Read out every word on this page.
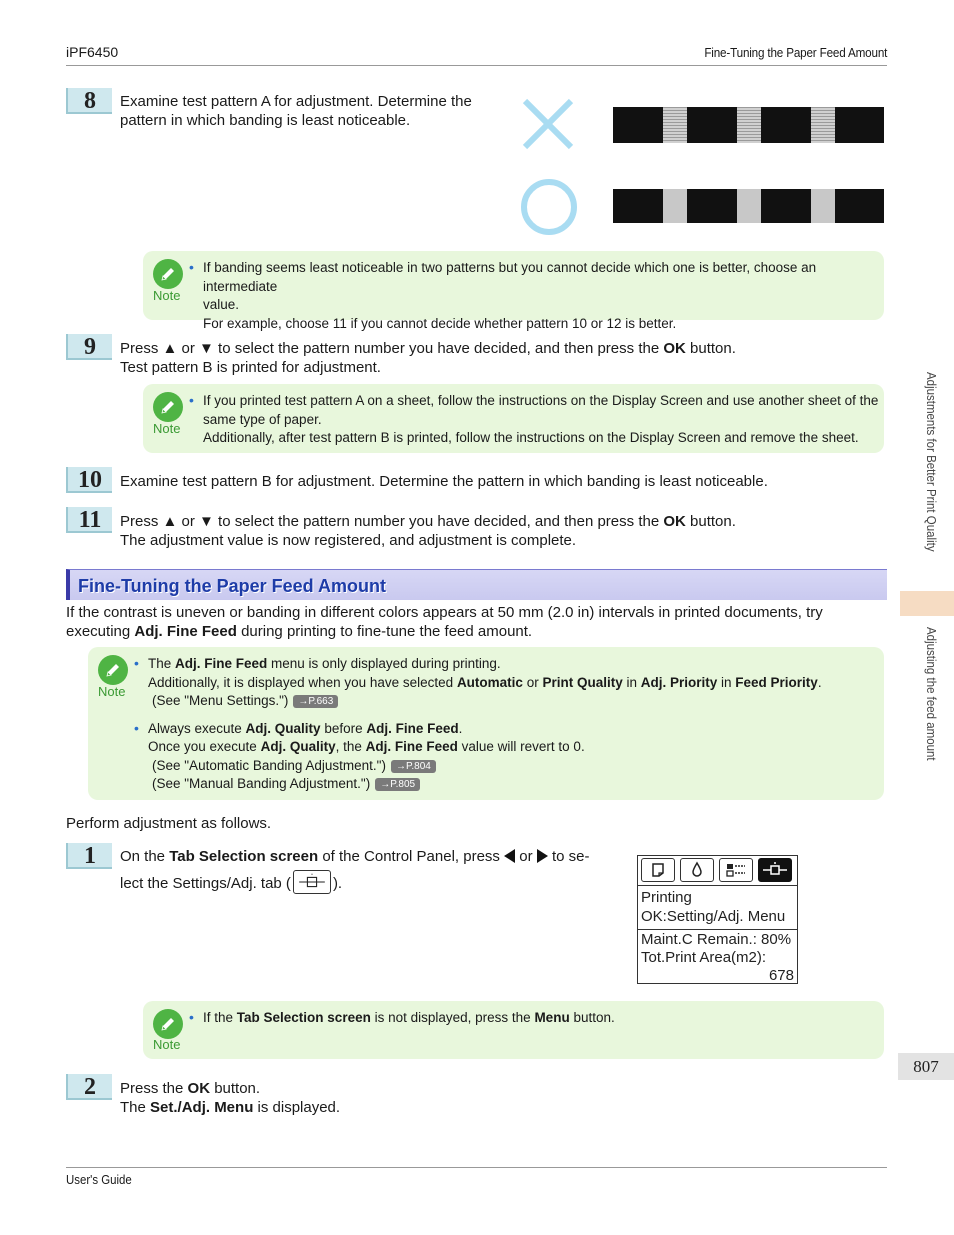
iPF6450	Fine-Tuning the Paper Feed Amount
User's Guide
Adjustments for Better Print Quality
Adjusting the feed amount
807
8	Examine test pattern A for adjustment. Determine the
pattern in which banding is least noticeable.
Note
• If banding seems least noticeable in two patterns but you cannot decide which one is better, choose an intermediate
value.
For example, choose 11 if you cannot decide whether pattern 10 or 12 is better.
9	Press ▲ or ▼ to select the pattern number you have decided, and then press the OK button.
Test pattern B is printed for adjustment.
Note
• If you printed test pattern A on a sheet, follow the instructions on the Display Screen and use another sheet of the
same type of paper.
Additionally, after test pattern B is printed, follow the instructions on the Display Screen and remove the sheet.
10	Examine test pattern B for adjustment. Determine the pattern in which banding is least noticeable.
11	Press ▲ or ▼ to select the pattern number you have decided, and then press the OK button.
The adjustment value is now registered, and adjustment is complete.
Fine-Tuning the Paper Feed Amount
If the contrast is uneven or banding in different colors appears at 50 mm (2.0 in) intervals in printed documents, try
executing Adj. Fine Feed during printing to fine-tune the feed amount.
Note
• The Adj. Fine Feed menu is only displayed during printing.
Additionally, it is displayed when you have selected Automatic or Print Quality in Adj. Priority in Feed Priority.
(See "Menu Settings.") →P.663
• Always execute Adj. Quality before Adj. Fine Feed.
Once you execute Adj. Quality, the Adj. Fine Feed value will revert to 0.
(See "Automatic Banding Adjustment.") →P.804
(See "Manual Banding Adjustment.") →P.805
Perform adjustment as follows.
1	On the Tab Selection screen of the Control Panel, press  or  to se-
lect the Settings/Adj. tab (	).
Printing
OK:Setting/Adj. Menu
Maint.C Remain.: 80%
Tot.Print Area(m2):
678
Note
• If the Tab Selection screen is not displayed, press the Menu button.
2	Press the OK button.
The Set./Adj. Menu is displayed.
